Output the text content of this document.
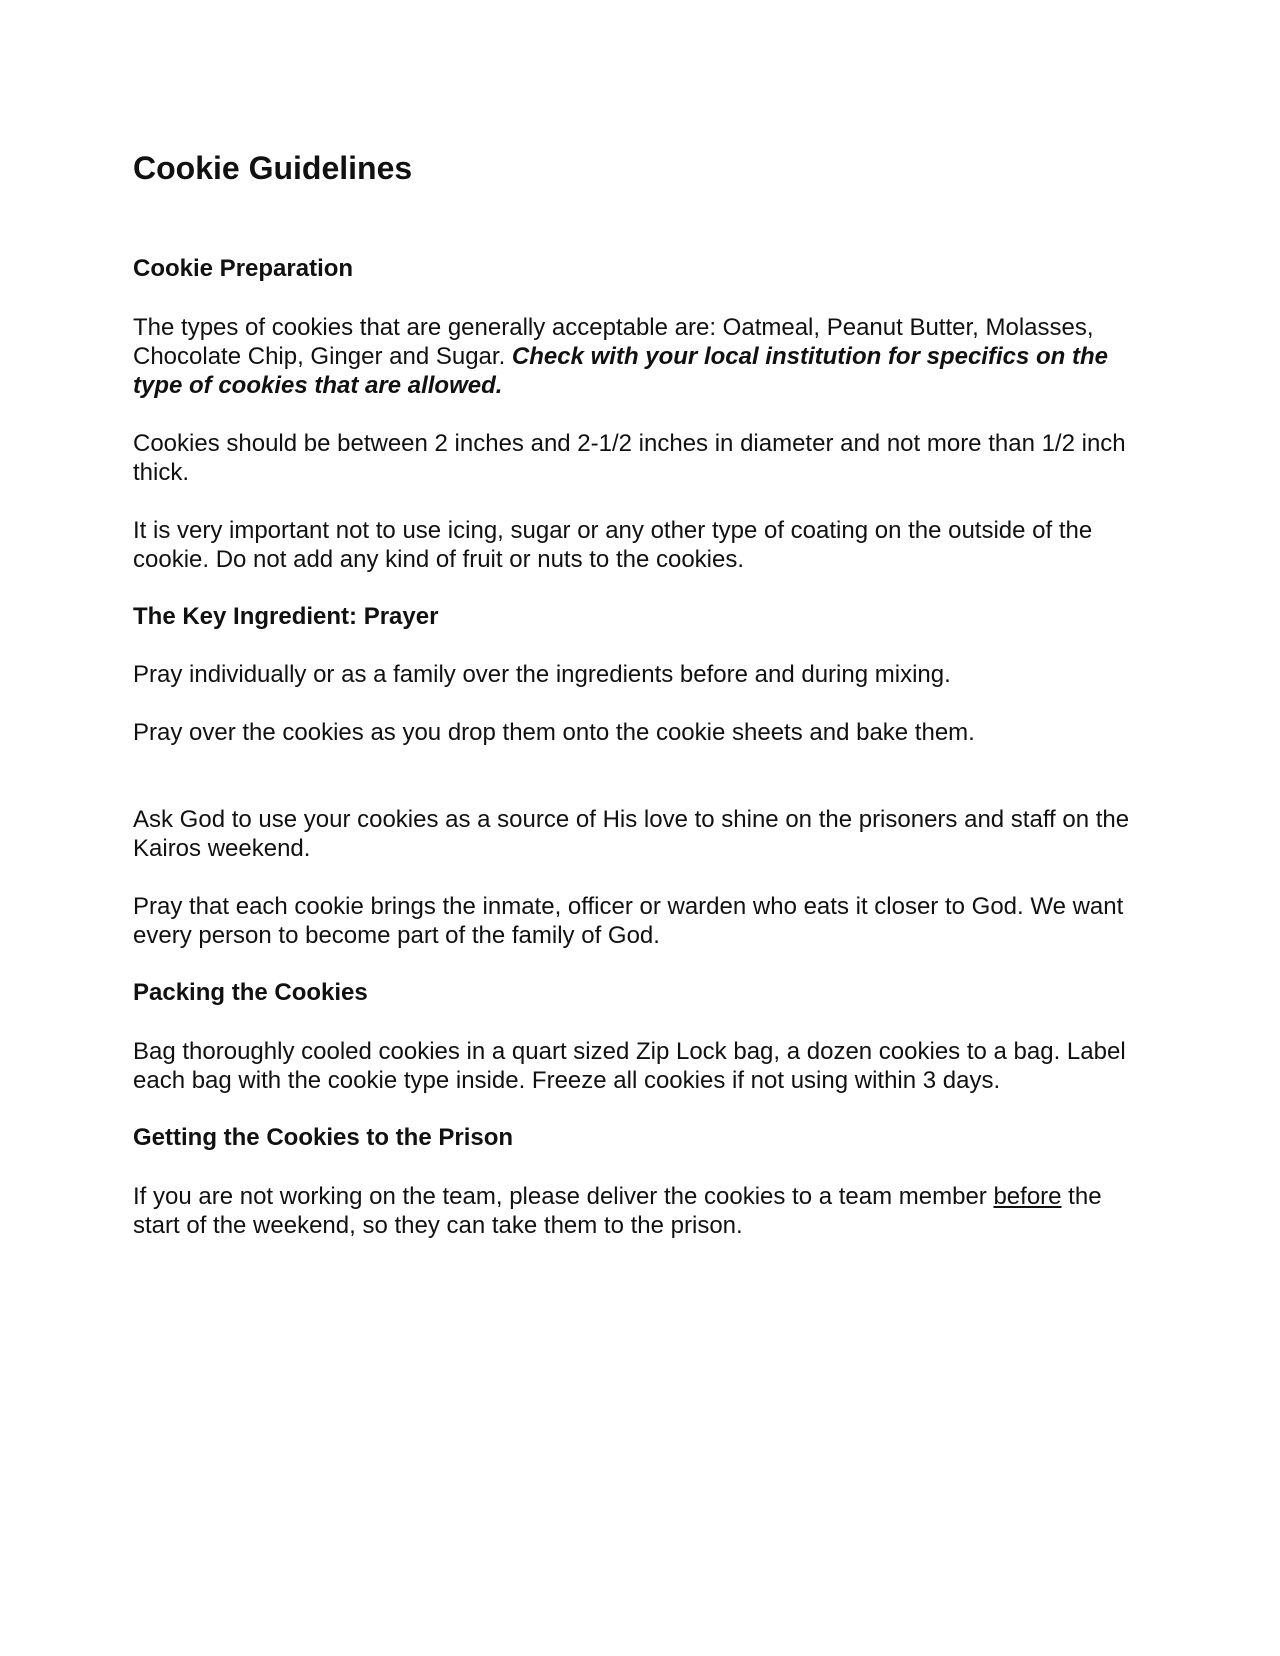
Cookie Guidelines
Cookie Preparation

The types of cookies that are generally acceptable are: Oatmeal, Peanut Butter, Molasses, Chocolate Chip, Ginger and Sugar. Check with your local institution for specifics on the type of cookies that are allowed.

Cookies should be between 2 inches and 2-1/2 inches in diameter and not more than 1/2 inch thick.

It is very important not to use icing, sugar or any other type of coating on the outside of the cookie. Do not add any kind of fruit or nuts to the cookies.

The Key Ingredient: Prayer

Pray individually or as a family over the ingredients before and during mixing.

Pray over the cookies as you drop them onto the cookie sheets and bake them.

Ask God to use your cookies as a source of His love to shine on the prisoners and staff on the Kairos weekend.

Pray that each cookie brings the inmate, officer or warden who eats it closer to God. We want every person to become part of the family of God.

Packing the Cookies

Bag thoroughly cooled cookies in a quart sized Zip Lock bag, a dozen cookies to a bag. Label each bag with the cookie type inside. Freeze all cookies if not using within 3 days.

Getting the Cookies to the Prison

If you are not working on the team, please deliver the cookies to a team member before the start of the weekend, so they can take them to the prison.
